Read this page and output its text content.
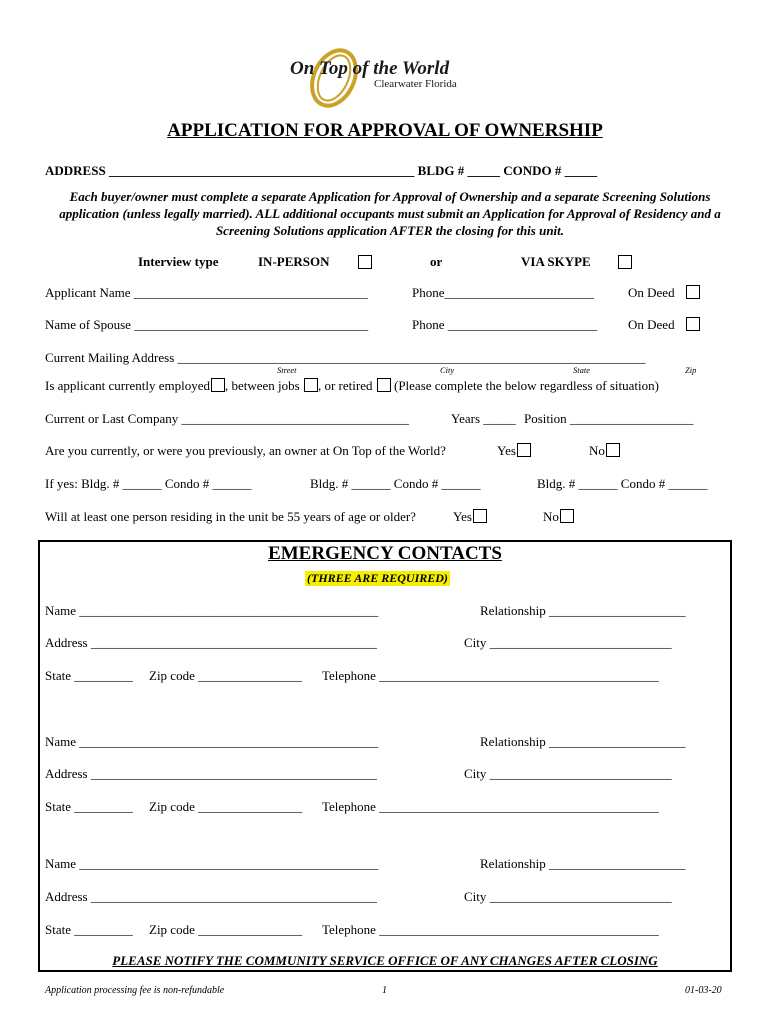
On Top of the World
Clearwater Florida
APPLICATION FOR APPROVAL OF OWNERSHIP
ADDRESS _______________________________________________ BLDG # _____ CONDO # _____
Each buyer/owner must complete a separate Application for Approval of Ownership and a separate Screening Solutions application (unless legally married). ALL additional occupants must submit an Application for Approval of Residency and a Screening Solutions application AFTER the closing for this unit.
Interview type	IN-PERSON	or	VIA SKYPE
Applicant Name ____________________________________	Phone_______________________	On Deed
Name of Spouse ____________________________________	Phone _______________________ On Deed
Current Mailing Address ________________________________________________________________________
Street	City	State	Zip
Is applicant currently employed , between jobs , or retired (Please complete the below regardless of situation)
Current or Last Company ___________________________________	Years _____ Position ___________________
Are you currently, or were you previously, an owner at On Top of the World?	Yes	No
If yes: Bldg. # ______ Condo # ______	Bldg. # ______ Condo # ______	Bldg. # ______ Condo # ______
Will at least one person residing in the unit be 55 years of age or older?	Yes	No
EMERGENCY CONTACTS
(THREE ARE REQUIRED)
Name ______________________________________________	Relationship _____________________
Address ____________________________________________	City ____________________________
State _________ Zip code ________________ Telephone ___________________________________________
Name ______________________________________________	Relationship _____________________
Address ____________________________________________	City ____________________________
State _________ Zip code ________________ Telephone ___________________________________________
Name ______________________________________________	Relationship _____________________
Address ____________________________________________	City ____________________________
State _________ Zip code ________________ Telephone ___________________________________________
PLEASE NOTIFY THE COMMUNITY SERVICE OFFICE OF ANY CHANGES AFTER CLOSING
Application processing fee is non-refundable	1	01-03-20
